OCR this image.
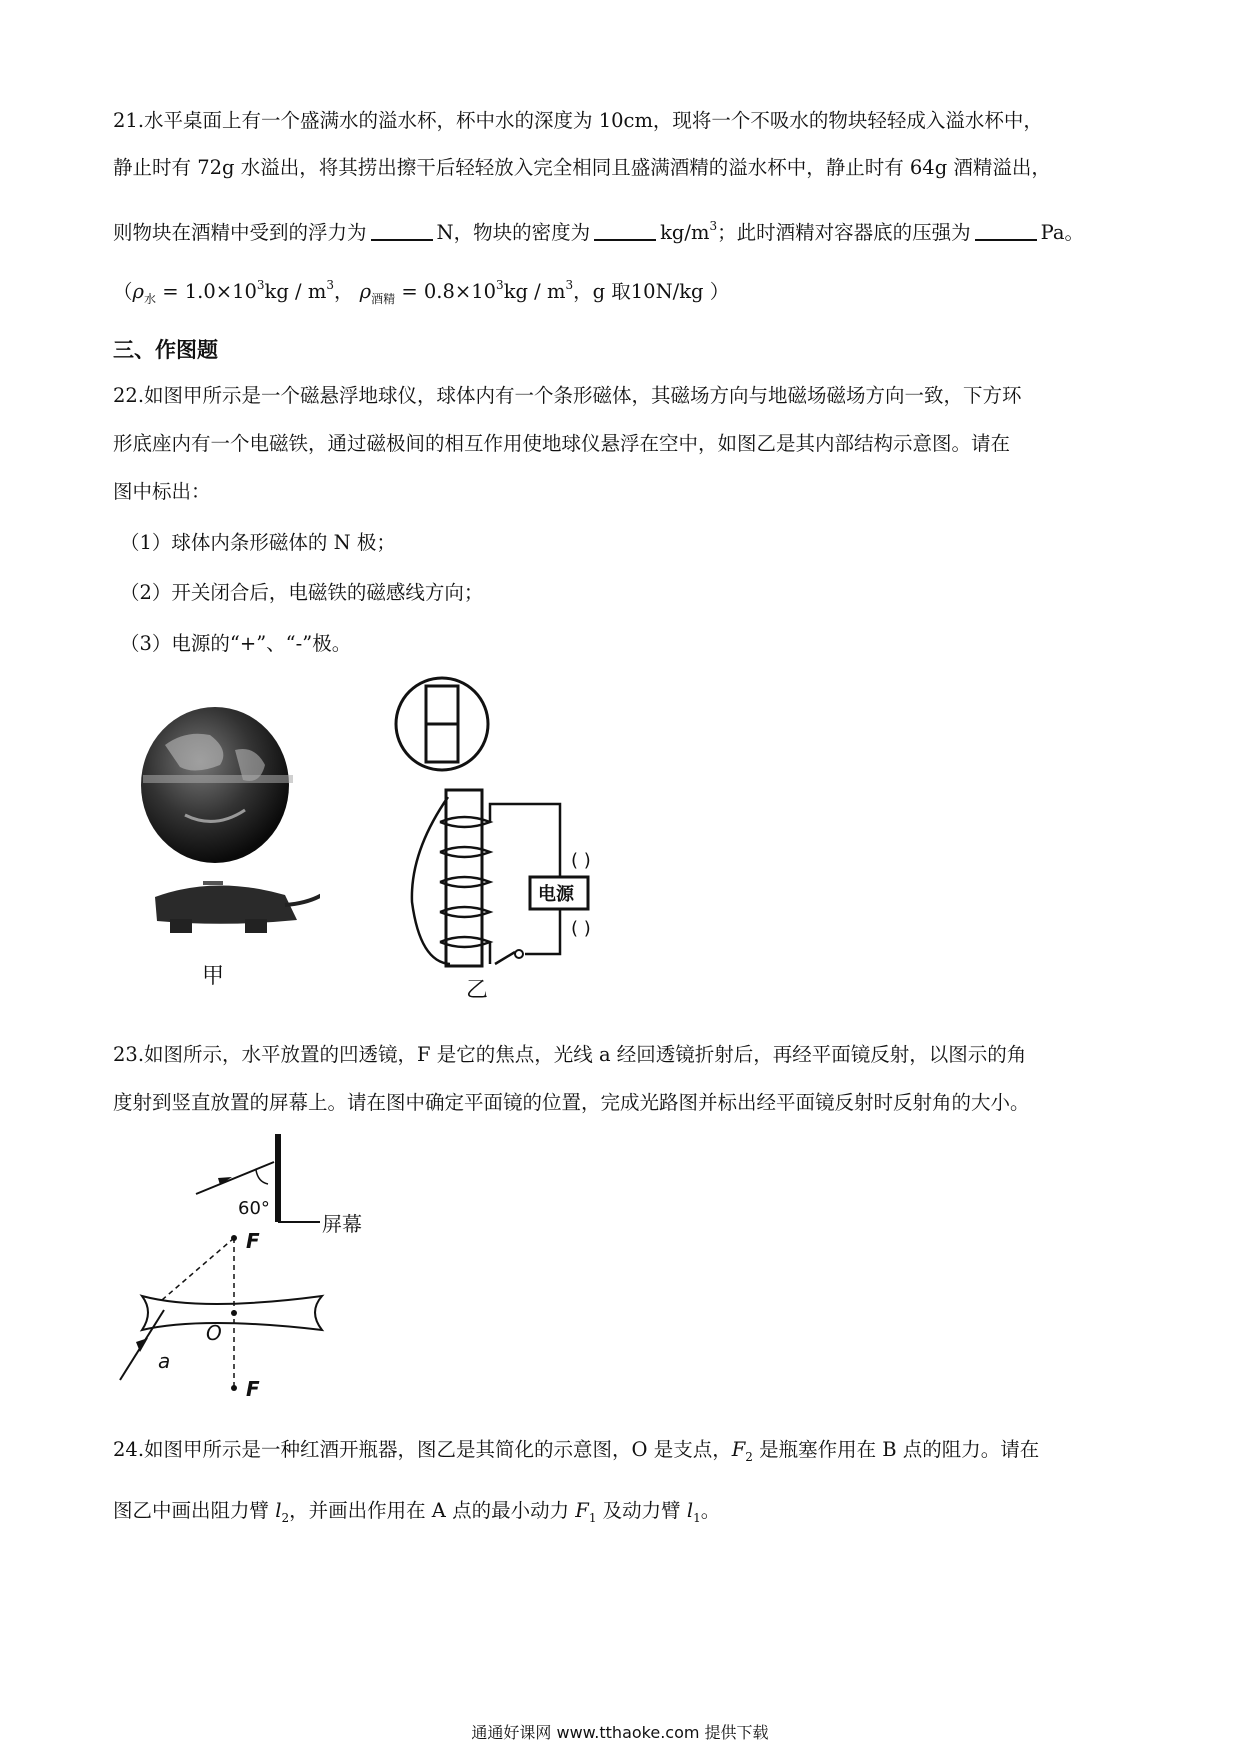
21.水平桌面上有一个盛满水的溢水杯，杯中水的深度为 10cm，现将一个不吸水的物块轻轻成入溢水杯中，
静止时有 72g 水溢出，将其捞出擦干后轻轻放入完全相同且盛满酒精的溢水杯中，静止时有 64g 酒精溢出，
则物块在酒精中受到的浮力为	N，物块的密度为	$kg/m^3$；此时酒精对容器底的压强为	Pa。
（$\rho_水 = 1.0\times 10^3kg / m^3$， $\rho_{酒精} = 0.8\times 10^3kg / m^3$，g 取10N/kg ）
三、作图题
22.如图甲所示是一个磁悬浮地球仪，球体内有一个条形磁体，其磁场方向与地磁场磁场方向一致，下方环
形底座内有一个电磁铁，通过磁极间的相互作用使地球仪悬浮在空中，如图乙是其内部结构示意图。请在
图中标出：
（1）球体内条形磁体的 N 极；
（2）开关闭合后，电磁铁的磁感线方向；
（3）电源的“+”、“-”极。
甲
电源
( )
( )
乙
23.如图所示，水平放置的凹透镜，F 是它的焦点，光线 a 经回透镜折射后，再经平面镜反射，以图示的角
度射到竖直放置的屏幕上。请在图中确定平面镜的位置，完成光路图并标出经平面镜反射时反射角的大小。
屏幕
60°
F
O
a
F
24.如图甲所示是一种红酒开瓶器，图乙是其简化的示意图，O 是支点，$F_2$ 是瓶塞作用在 B 点的阻力。请在
图乙中画出阻力臂 $l_2$，并画出作用在 A 点的最小动力 $F_1$ 及动力臂 $l_1$。
通通好课网 www.tthaoke.com 提供下载
